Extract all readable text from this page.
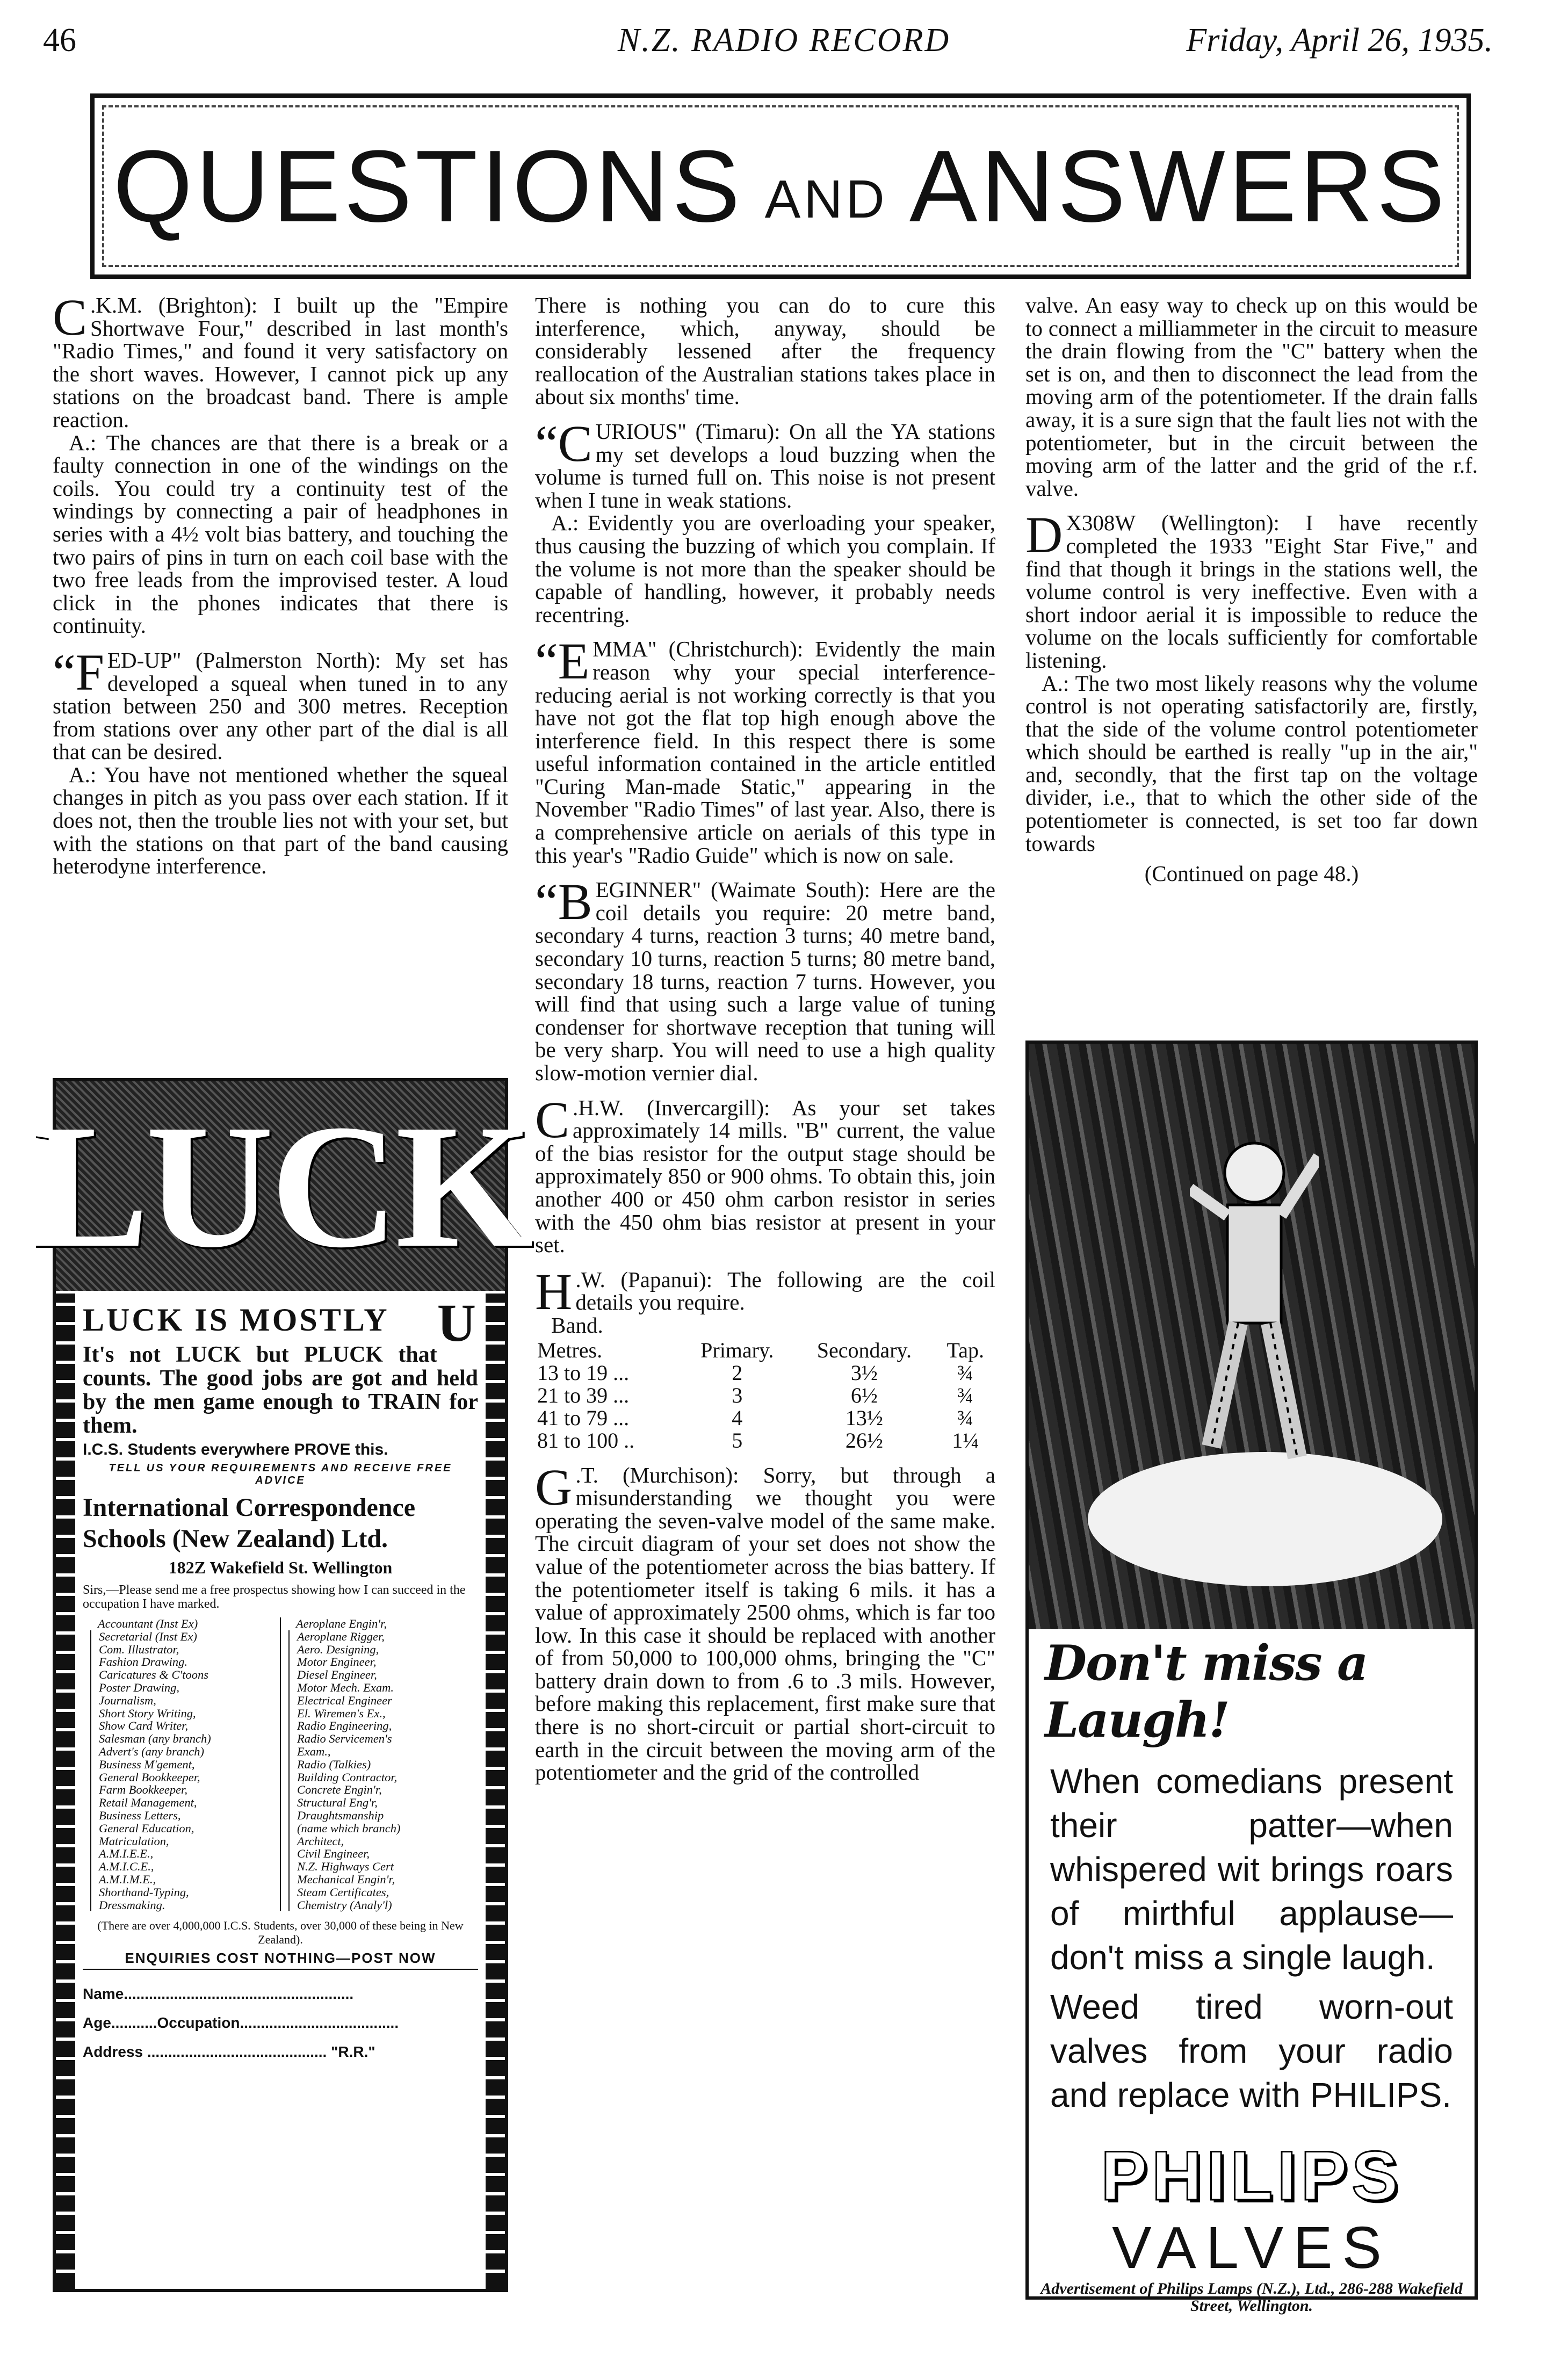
46	N.Z. RADIO RECORD	Friday, April 26, 1935.
QUESTIONS AND ANSWERS

C .K.M. (Brighton): I built up the "Empire Shortwave Four," described in last month's "Radio Times," and found it very satisfactory on the short waves. However, I cannot pick up any stations on the broadcast band. There is ample reaction.

A.: The chances are that there is a break or a faulty connection in one of the windings on the coils. You could try a continuity test of the windings by connecting a pair of headphones in series with a 4½ volt bias battery, and touching the two pairs of pins in turn on each coil base with the two free leads from the improvised tester. A loud click in the phones indicates that there is continuity.

“FED-UP" (Palmerston North): My set has developed a squeal when tuned in to any station between 250 and 300 metres. Reception from stations over any other part of the dial is all that can be desired.

A.: You have not mentioned whether the squeal changes in pitch as you pass over each station. If it does not, then the trouble lies not with your set, but with the stations on that part of the band causing heterodyne interference.

There is nothing you can do to cure this interference, which, anyway, should be considerably lessened after the frequency reallocation of the Australian stations takes place in about six months' time.

“CURIOUS" (Timaru): On all the YA stations my set develops a loud buzzing when the volume is turned full on. This noise is not present when I tune in weak stations.

A.: Evidently you are overloading your speaker, thus causing the buzzing of which you complain. If the volume is not more than the speaker should be capable of handling, however, it probably needs recentring.

“EMMA" (Christchurch): Evidently the main reason why your special interference-reducing aerial is not working correctly is that you have not got the flat top high enough above the interference field. In this respect there is some useful information contained in the article entitled "Curing Man-made Static," appearing in the November "Radio Times" of last year. Also, there is a comprehensive article on aerials of this type in this year's "Radio Guide" which is now on sale.

“BEGINNER" (Waimate South): Here are the coil details you require: 20 metre band, secondary 4 turns, reaction 3 turns; 40 metre band, secondary 10 turns, reaction 5 turns; 80 metre band, secondary 18 turns, reaction 7 turns. However, you will find that using such a large value of tuning condenser for shortwave reception that tuning will be very sharp. You will need to use a high quality slow-motion vernier dial.

C .H.W. (Invercargill): As your set takes approximately 14 mills. "B" current, the value of the bias resistor for the output stage should be approximately 850 or 900 ohms. To obtain this, join another 400 or 450 ohm carbon resistor in series with the 450 ohm bias resistor at present in your set.

H .W. (Papanui): The following are the coil details you require.

Band.
Metres.	Primary.	Secondary.	Tap.
13 to 19 ...	2	3½	¾
21 to 39 ...	3	6½	¾
41 to 79 ...	4	13½	¾
81 to 100 ..	5	26½	1¼

G .T. (Murchison): Sorry, but through a misunderstanding we thought you were operating the seven-valve model of the same make. The circuit diagram of your set does not show the value of the potentiometer across the bias battery. If the potentiometer itself is taking 6 mils. it has a value of approximately 2500 ohms, which is far too low. In this case it should be replaced with another of from 50,000 to 100,000 ohms, bringing the "C" battery drain down to from .6 to .3 mils. However, before making this replacement, first make sure that there is no short-circuit or partial short-circuit to earth in the circuit between the moving arm of the potentiometer and the grid of the controlled

valve. An easy way to check up on this would be to connect a milliammeter in the circuit to measure the drain flowing from the "C" battery when the set is on, and then to disconnect the lead from the moving arm of the potentiometer. If the drain falls away, it is a sure sign that the fault lies not with the potentiometer, but in the circuit between the moving arm of the latter and the grid of the r.f. valve.

D X308W (Wellington): I have recently completed the 1933 "Eight Star Five," and find that though it brings in the stations well, the volume control is very ineffective. Even with a short indoor aerial it is impossible to reduce the volume on the locals sufficiently for comfortable listening.

A.: The two most likely reasons why the volume control is not operating satisfactorily are, firstly, that the side of the volume control potentiometer which should be earthed is really "up in the air," and, secondly, that the first tap on the voltage divider, i.e., that to which the other side of the potentiometer is connected, is set too far down towards

(Continued on page 48.)

LUCK
LUCK IS MOSTLY U
It's not LUCK but PLUCK that counts. The good jobs are got and held by the men game enough to TRAIN for them.
I.C.S. Students everywhere PROVE this.
TELL US YOUR REQUIREMENTS AND RECEIVE FREE ADVICE
International Correspondence Schools (New Zealand) Ltd.
182Z Wakefield St. Wellington
Sirs,—Please send me a free prospectus showing how I can succeed in the occupation I have marked.
Accountant (Inst Ex)
Secretarial (Inst Ex)
Com. Illustrator,
Fashion Drawing.
Caricatures & C'toons
Poster Drawing,
Journalism,
Short Story Writing,
Show Card Writer,
Salesman (any branch)
Advert's (any branch)
Business M'gement,
General Bookkeeper,
Farm Bookkeeper,
Retail Management,
Business Letters,
General Education,
Matriculation,
A.M.I.E.E.,
A.M.I.C.E.,
A.M.I.M.E.,
Shorthand-Typing,
Dressmaking.
Aeroplane Engin'r,
Aeroplane Rigger,
Aero. Designing,
Motor Engineer,
Diesel Engineer,
Motor Mech. Exam.
Electrical Engineer
El. Wiremen's Ex.,
Radio Engineering,
Radio Servicemen's
Exam.,
Radio (Talkies)
Building Contractor,
Concrete Engin'r,
Structural Eng'r,
Draughtsmanship
(name which branch)
Architect,
Civil Engineer,
N.Z. Highways Cert
Mechanical Engin'r,
Steam Certificates,
Chemistry (Analy'l)
(There are over 4,000,000 I.C.S. Students, over 30,000 of these being in New Zealand).
ENQUIRIES COST NOTHING—POST NOW
Name.......................................................
Age...........Occupation......................................
Address ........................................... "R.R."
Don't miss a Laugh!

When comedians present their patter—when whispered wit brings roars of mirthful applause—don't miss a single laugh.

Weed tired worn-out valves from your radio and replace with PHILIPS.

PHILIPS
VALVES
Advertisement of Philips Lamps (N.Z.), Ltd., 286-288 Wakefield Street, Wellington.
